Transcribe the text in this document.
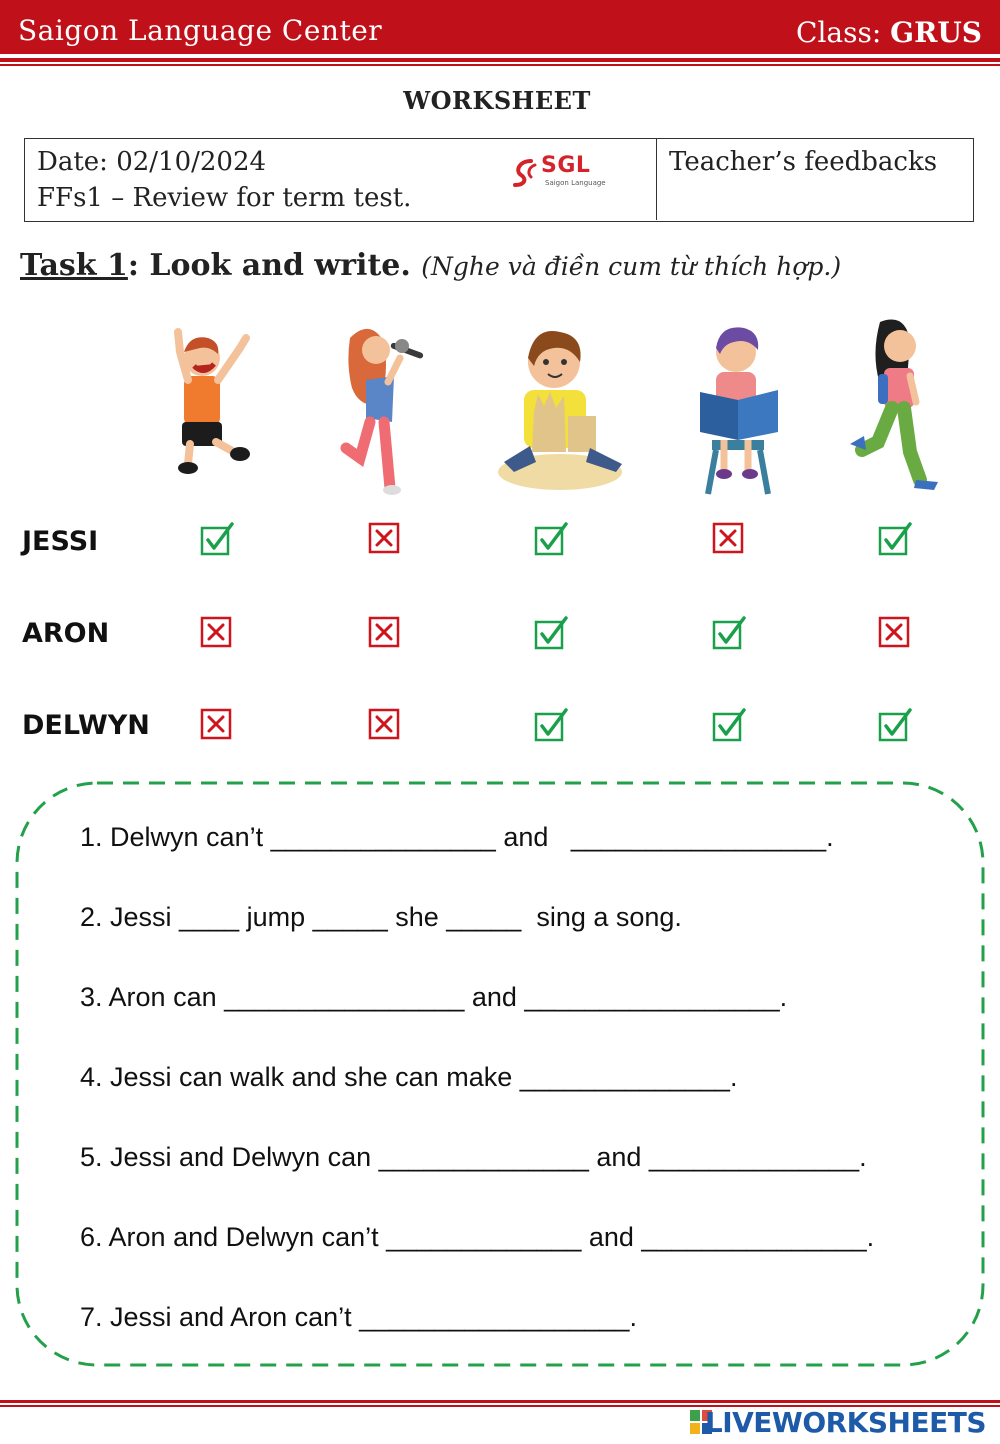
Saigon Language Center	Class: GRUS
WORKSHEET
Date: 02/10/2024
FFs1 – Review for term test.
SGL
Saigon Language
Teacher’s feedbacks
Task 1: Look and write. (Nghe và điền cum từ thích hợp.)
JESSI
ARON
DELWYN
1. Delwyn can’t _______________ and   _________________.
2. Jessi ____ jump _____ she _____  sing a song.
3. Aron can ________________ and _________________.
4. Jessi can walk and she can make ______________.
5. Jessi and Delwyn can ______________ and ______________.
6. Aron and Delwyn can’t _____________ and _______________.
7. Jessi and Aron can’t __________________.
LIVEWORKSHEETS
